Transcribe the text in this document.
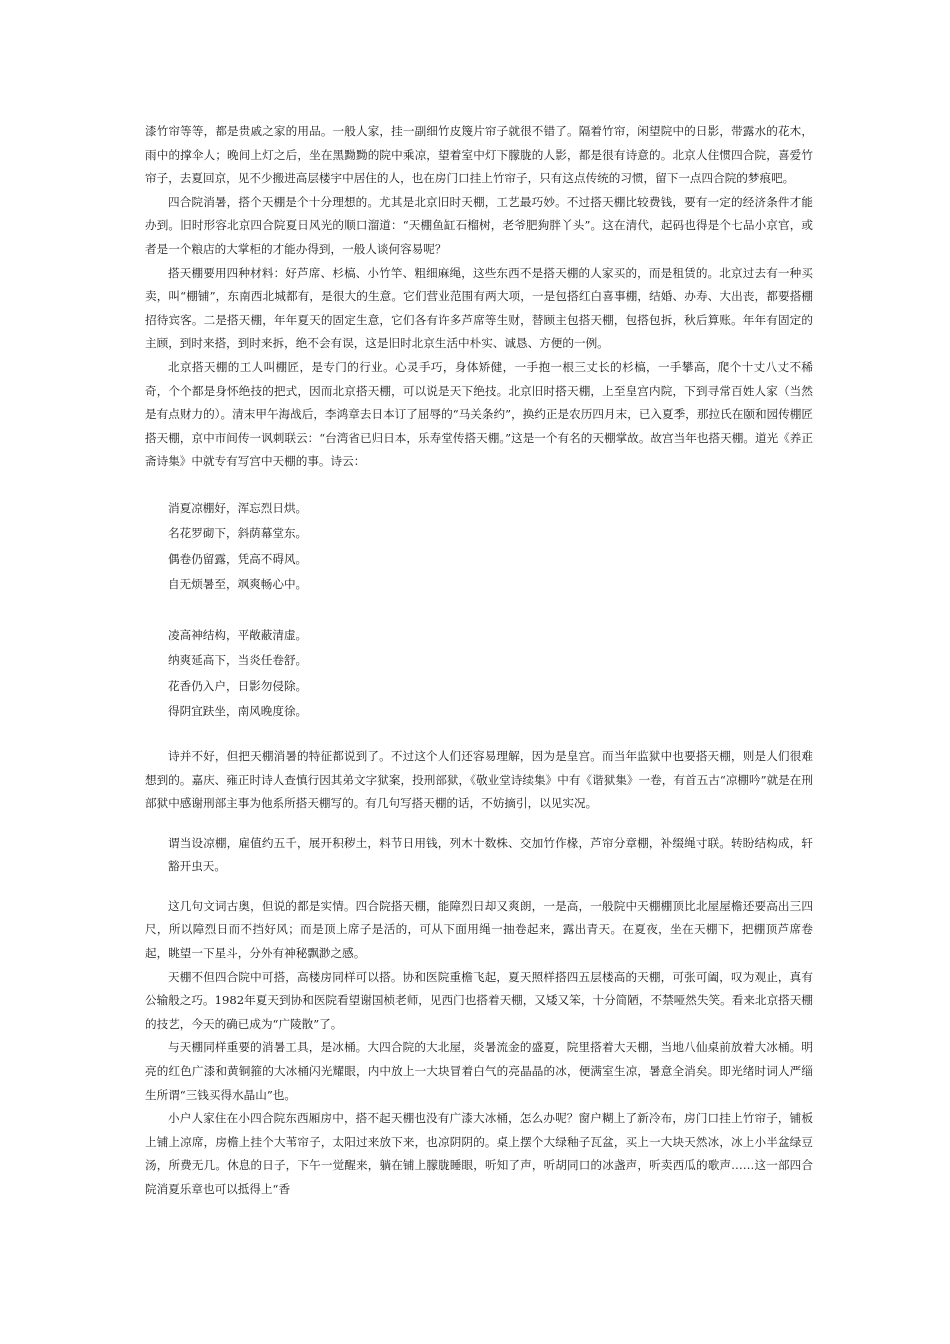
漆竹帘等等，都是贵戚之家的用品。一般人家，挂一副细竹皮篾片帘子就很不错了。隔着竹帘，闲望院中的日影，带露水的花木，雨中的撑伞人；晚间上灯之后，坐在黑黝黝的院中乘凉，望着室中灯下朦胧的人影，都是很有诗意的。北京人住惯四合院，喜爱竹帘子，去夏回京，见不少搬进高层楼宇中居住的人，也在房门口挂上竹帘子，只有这点传统的习惯，留下一点四合院的梦痕吧。

四合院消暑，搭个天棚是个十分理想的。尤其是北京旧时天棚，工艺最巧妙。不过搭天棚比较费钱，要有一定的经济条件才能办到。旧时形容北京四合院夏日风光的顺口溜道：“天棚鱼缸石榴树，老爷肥狗胖丫头”。这在清代，起码也得是个七品小京官，或者是一个粮店的大掌柜的才能办得到，一般人谈何容易呢？

搭天棚要用四种材料：好芦席、杉槁、小竹竿、粗细麻绳，这些东西不是搭天棚的人家买的，而是租赁的。北京过去有一种买卖，叫“棚铺”，东南西北城都有，是很大的生意。它们营业范围有两大项，一是包搭红白喜事棚，结婚、办寿、大出丧，都要搭棚招待宾客。二是搭天棚，年年夏天的固定生意，它们各有许多芦席等生财，替顾主包搭天棚，包搭包拆，秋后算账。年年有固定的主顾，到时来搭，到时来拆，绝不会有误，这是旧时北京生活中朴实、诚恳、方便的一例。

北京搭天棚的工人叫棚匠，是专门的行业。心灵手巧，身体矫健，一手抱一根三丈长的杉槁，一手攀高，爬个十丈八丈不稀奇，个个都是身怀绝技的把式，因而北京搭天棚，可以说是天下绝技。北京旧时搭天棚，上至皇宫内院，下到寻常百姓人家（当然是有点财力的）。清末甲午海战后，李鸿章去日本订了屈辱的“马关条约”，换约正是农历四月末，已入夏季，那拉氏在颐和园传棚匠搭天棚，京中市间传一讽刺联云：“台湾省已归日本，乐寿堂传搭天棚。”这是一个有名的天棚掌故。故宫当年也搭天棚。道光《养正斋诗集》中就专有写宫中天棚的事。诗云：

消夏凉棚好，浑忘烈日烘。

名花罗砌下，斜荫幕堂东。

偶卷仍留露，凭高不碍风。

自无烦暑至，飒爽畅心中。

凌高神结构，平敞蔽清虚。

纳爽延高下，当炎任卷舒。

花香仍入户，日影勿侵除。

得阴宜趺坐，南风晚度徐。

诗并不好，但把天棚消暑的特征都说到了。不过这个人们还容易理解，因为是皇宫。而当年监狱中也要搭天棚，则是人们很难想到的。嘉庆、雍正时诗人查慎行因其弟文字狱案，投刑部狱，《敬业堂诗续集》中有《谐狱集》一卷，有首五古“凉棚吟”就是在刑部狱中感谢刑部主事为他系所搭天棚写的。有几句写搭天棚的话，不妨摘引，以见实况。

谓当设凉棚，雇值约五千，展开积秽土，料节日用钱，列木十数株、交加竹作椽，芦帘分章棚，补缀绳寸联。转盼结构成，轩豁开虫天。

这几句文词古奥，但说的都是实情。四合院搭天棚，能障烈日却又爽朗，一是高，一般院中天棚棚顶比北屋屋檐还要高出三四尺，所以障烈日而不挡好风；而是顶上席子是活的，可从下面用绳一抽卷起来，露出青天。在夏夜，坐在天棚下，把棚顶芦席卷起，眺望一下星斗，分外有神秘飘渺之感。

天棚不但四合院中可搭，高楼房同样可以搭。协和医院重檐飞起，夏天照样搭四五层楼高的天棚，可张可阖，叹为观止，真有公输般之巧。1982年夏天到协和医院看望谢国桢老师，见西门也搭着天棚，又矮又笨，十分简陋，不禁哑然失笑。看来北京搭天棚的技艺，今天的确已成为“广陵散”了。

与天棚同样重要的消暑工具，是冰桶。大四合院的大北屋，炎暑流金的盛夏，院里搭着大天棚，当地八仙桌前放着大冰桶。明亮的红色广漆和黄铜箍的大冰桶闪光耀眼，内中放上一大块冒着白气的亮晶晶的冰，便满室生凉，暑意全消矣。即光绪时词人严缁生所谓“三钱买得水晶山”也。

小户人家住在小四合院东西厢房中，搭不起天棚也没有广漆大冰桶，怎么办呢？窗户糊上了新冷布，房门口挂上竹帘子，铺板上铺上凉席，房檐上挂个大苇帘子，太阳过来放下来，也凉阴阴的。桌上摆个大绿釉子瓦盆，买上一大块天然冰，冰上小半盆绿豆汤，所费无几。休息的日子，下午一觉醒来，躺在铺上朦胧睡眼，听知了声，听胡同口的冰盏声，听卖西瓜的歌声……这一部四合院消夏乐章也可以抵得上“香
